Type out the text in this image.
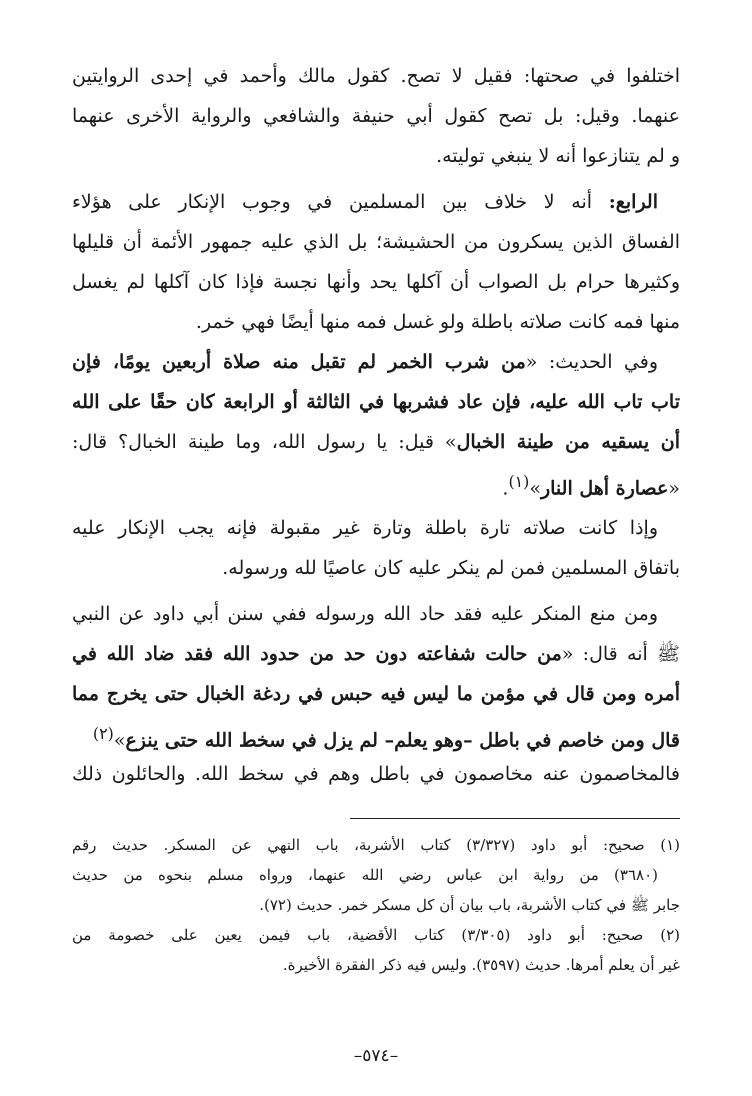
اختلفوا في صحتها: فقيل لا تصح. كقول مالك وأحمد في إحدى الروايتين
عنهما. وقيل: بل تصح كقول أبي حنيفة والشافعي والرواية الأخرى عنهما
و لم يتنازعوا أنه لا ينبغي توليته.
الرابع: أنه لا خلاف بين المسلمين في وجوب الإنكار على هؤلاء
الفساق الذين يسكرون من الحشيشة؛ بل الذي عليه جمهور الأئمة أن قليلها
وكثيرها حرام بل الصواب أن آكلها يحد وأنها نجسة فإذا كان آكلها لم يغسل
منها فمه كانت صلاته باطلة ولو غسل فمه منها أيضًا فهي خمر.
وفي الحديث: «من شرب الخمر لم تقبل منه صلاة أربعين يومًا، فإن
تاب تاب الله عليه، فإن عاد فشربها في الثالثة أو الرابعة كان حقًا على الله
أن يسقيه من طينة الخبال» قيل: يا رسول الله، وما طينة الخبال؟ قال:
«عصارة أهل النار»$^{(١)}$.
وإذا كانت صلاته تارة باطلة وتارة غير مقبولة فإنه يجب الإنكار عليه
باتفاق المسلمين فمن لم ينكر عليه كان عاصيًا لله ورسوله.
ومن منع المنكر عليه فقد حاد الله ورسوله ففي سنن أبي داود عن النبي
ﷺ أنه قال: «من حالت شفاعته دون حد من حدود الله فقد ضاد الله في
أمره ومن قال في مؤمن ما ليس فيه حبس في ردغة الخبال حتى يخرج مما
قال ومن خاصم في باطل –وهو يعلم– لم يزل في سخط الله حتى ينزع»$^{(٢)}$
فالمخاصمون عنه مخاصمون في باطل وهم في سخط الله. والحائلون ذلك
(١) صحيح: أبو داود (٣/٣٢٧) كتاب الأشربة، باب النهي عن المسكر. حديث رقم
(٣٦٨٠) من رواية ابن عباس رضي الله عنهما، ورواه مسلم بنحوه من حديث
جابر ﷺ في كتاب الأشربة، باب بيان أن كل مسكر خمر. حديث (٧٢).
(٢) صحيح: أبو داود (٣/٣٠٥) كتاب الأقضية، باب فيمن يعين على خصومة من
غير أن يعلم أمرها. حديث (٣٥٩٧). وليس فيه ذكر الفقرة الأخيرة.
–٥٧٤–
